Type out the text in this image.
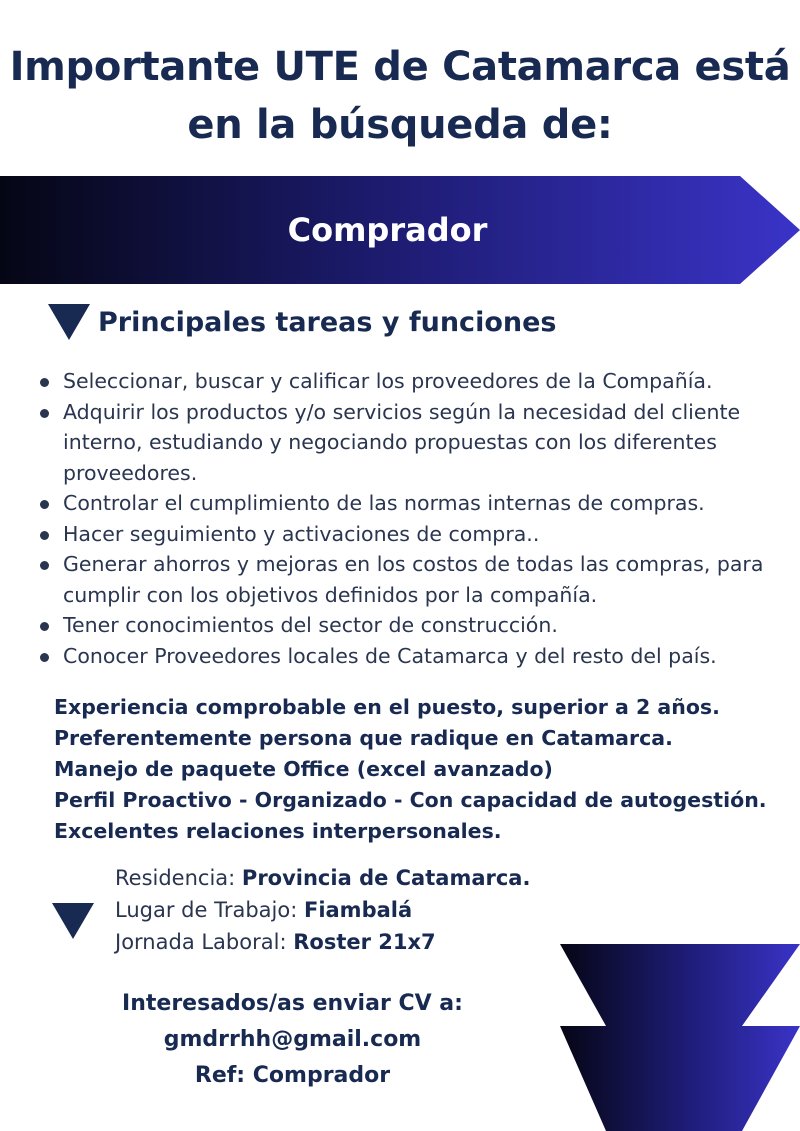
Importante UTE de Catamarca está
en la búsqueda de:
Comprador
Principales tareas y funciones
Seleccionar, buscar y calificar los proveedores de la Compañía.
Adquirir los productos y/o servicios según la necesidad del cliente interno, estudiando y negociando propuestas con los diferentes proveedores.
Controlar el cumplimiento de las normas internas de compras.
Hacer seguimiento y activaciones de compra..
Generar ahorros y mejoras en los costos de todas las compras, para cumplir con los objetivos definidos por la compañía.
Tener conocimientos del sector de construcción.
Conocer Proveedores locales de Catamarca y del resto del país.
Experiencia comprobable en el puesto, superior a 2 años.
Preferentemente persona que radique en Catamarca.
Manejo de paquete Office (excel avanzado)
Perfil Proactivo - Organizado - Con capacidad de autogestión.
Excelentes relaciones interpersonales.
Residencia: Provincia de Catamarca.
Lugar de Trabajo: Fiambalá
Jornada Laboral: Roster 21x7
Interesados/as enviar CV a:
gmdrrhh@gmail.com
Ref: Comprador
